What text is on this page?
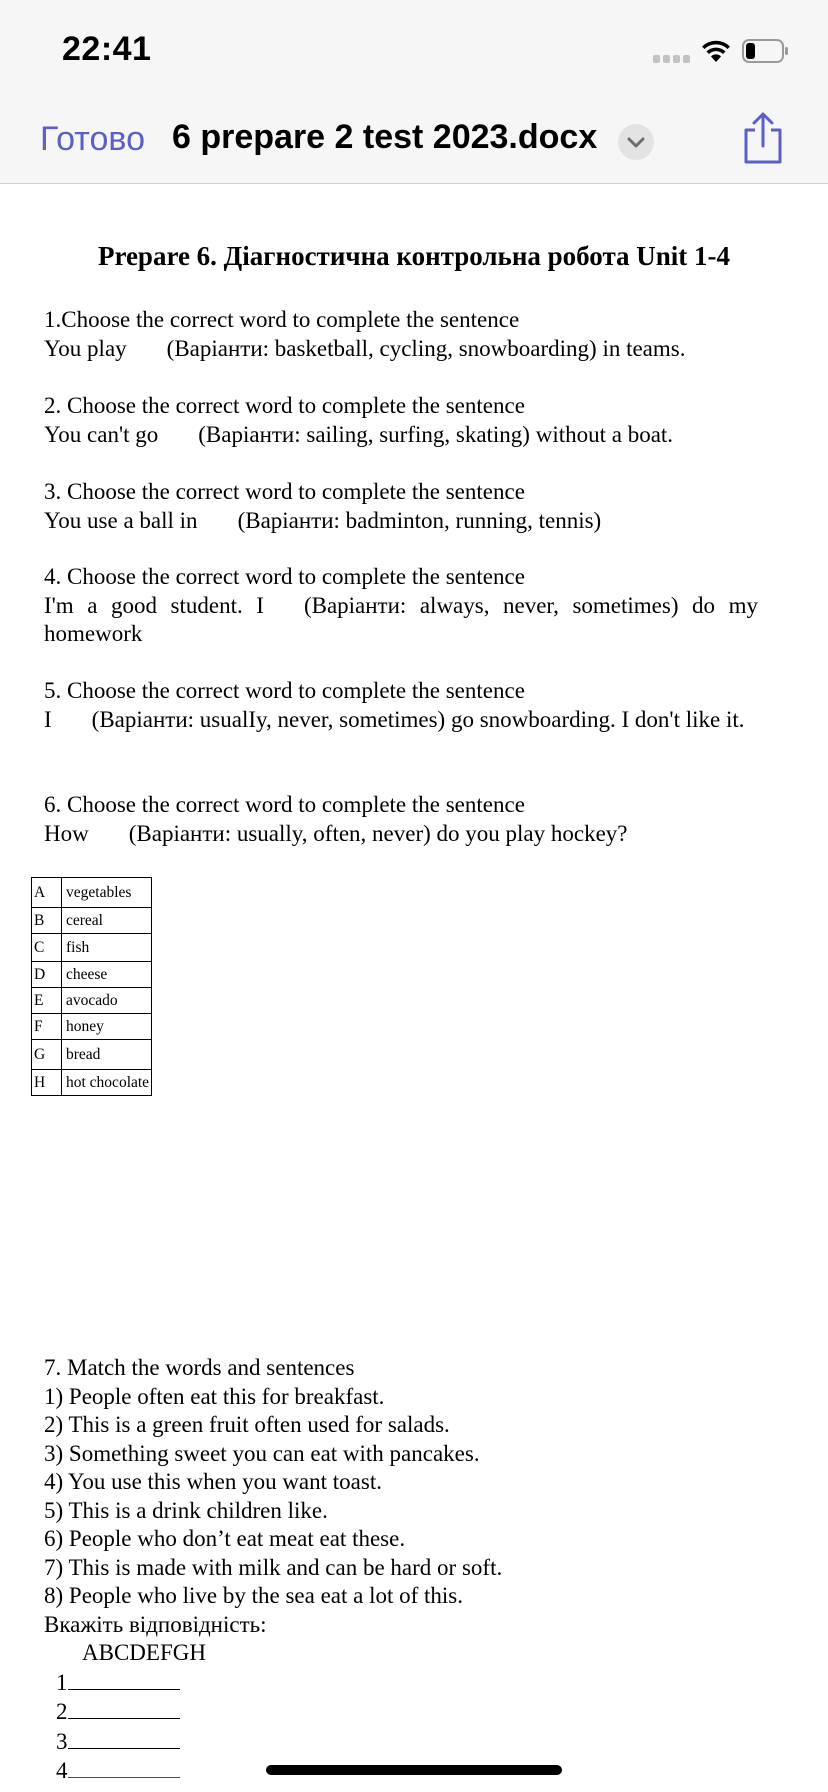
22:41
Готово 6 prepare 2 test 2023.docx
Prepare 6. Діагностична контрольна робота Unit 1-4
1.Choose the correct word to complete the sentence
You play (Варіанти: basketball, cycling, snowboarding) in teams.
2. Choose the correct word to complete the sentence
You can't go (Варіанти: sailing, surfing, skating) without a boat.
3. Choose the correct word to complete the sentence
You use a ball in (Варіанти: badminton, running, tennis)
4. Choose the correct word to complete the sentence
I'm a good student. I (Варіанти: always, never, sometimes) do my homework
5. Choose the correct word to complete the sentence
I (Варіанти: usualIy, never, sometimes) go snowboarding. I don't like it.
6. Choose the correct word to complete the sentence
How (Варіанти: usually, often, never) do you play hockey?
A	vegetables
B	cereal
C	fish
D	cheese
E	avocado
F	honey
G	bread
H	hot chocolate
7. Match the words and sentences
1) People often eat this for breakfast.
2) This is a green fruit often used for salads.
3) Something sweet you can eat with pancakes.
4) You use this when you want toast.
5) This is a drink children like.
6) People who don’t eat meat eat these.
7) This is made with milk and can be hard or soft.
8) People who live by the sea eat a lot of this.
Вкажіть відповідність:
ABCDEFGH
1
2
3
4
